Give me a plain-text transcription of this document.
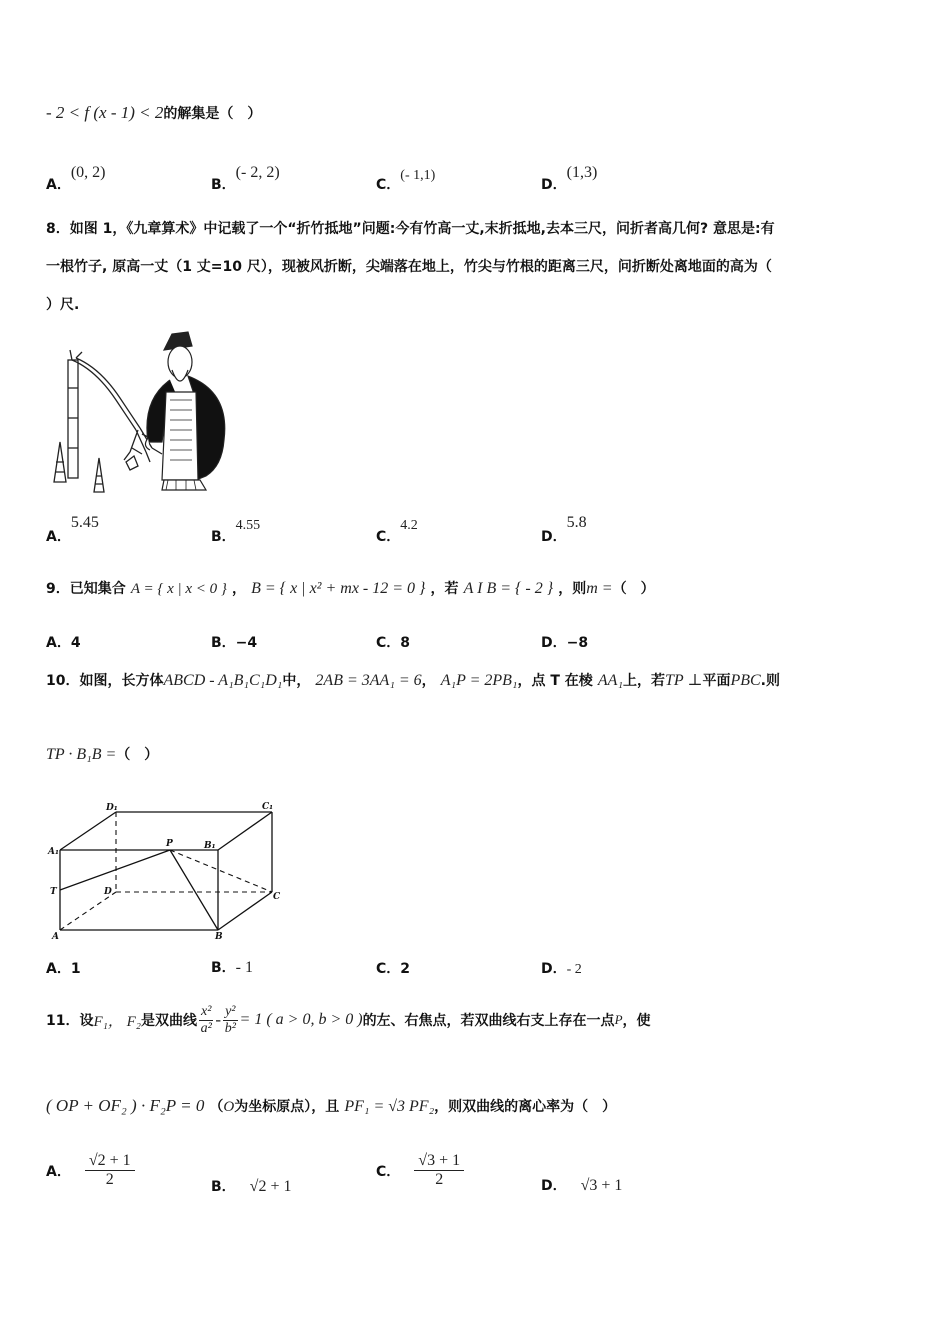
- 2 < f (x - 1) < 2的解集是（　）
A．(0, 2)
B．(- 2, 2)
C．(- 1,1)
D．(1,3)
8．如图 1，《九章算术》中记载了一个“折竹抵地”问题:今有竹高一丈,末折抵地,去本三尺，问折者高几何? 意思是:有
一根竹子, 原高一丈（1 丈=10 尺），现被风折断，尖端落在地上，竹尖与竹根的距离三尺，问折断处离地面的高为（
）尺.
A．5.45
B．4.55
C．4.2
D．5.8
9．已知集合 A = { x | x < 0 } ， B = { x | x² + mx - 12 = 0 } ，若 A I B = { - 2 } ，则m =（　）
A．4	B．−4	C．8	D．−8
10．如图，长方体ABCD - A₁B₁C₁D₁中， 2AB = 3AA₁ = 6， A₁P = 2PB₁，点 T 在棱 AA₁上，若TP ⊥平面PBC.则
TP · B₁B =（　）
D₁	C₁
A₁
P	B₁
T	D	C
A	B
A．1	B．- 1	C．2	D．- 2
11．设 F₁， F₂ 是双曲线
x²
$a^2 - \frac{\text{y²}}{\text{b²}} = 1$ ( a > 0, b > 0 ) 的左、右焦点，若双曲线右支上存在一点 P ，使
( OP + OF₂ ) · F₂P = 0 （O为坐标原点），且 PF₁ = √3 PF₂，则双曲线的离心率为（　）
A．
√2 + 1
2	B． √2 + 1
C．
√3 + 1
2	D． √3 + 1
